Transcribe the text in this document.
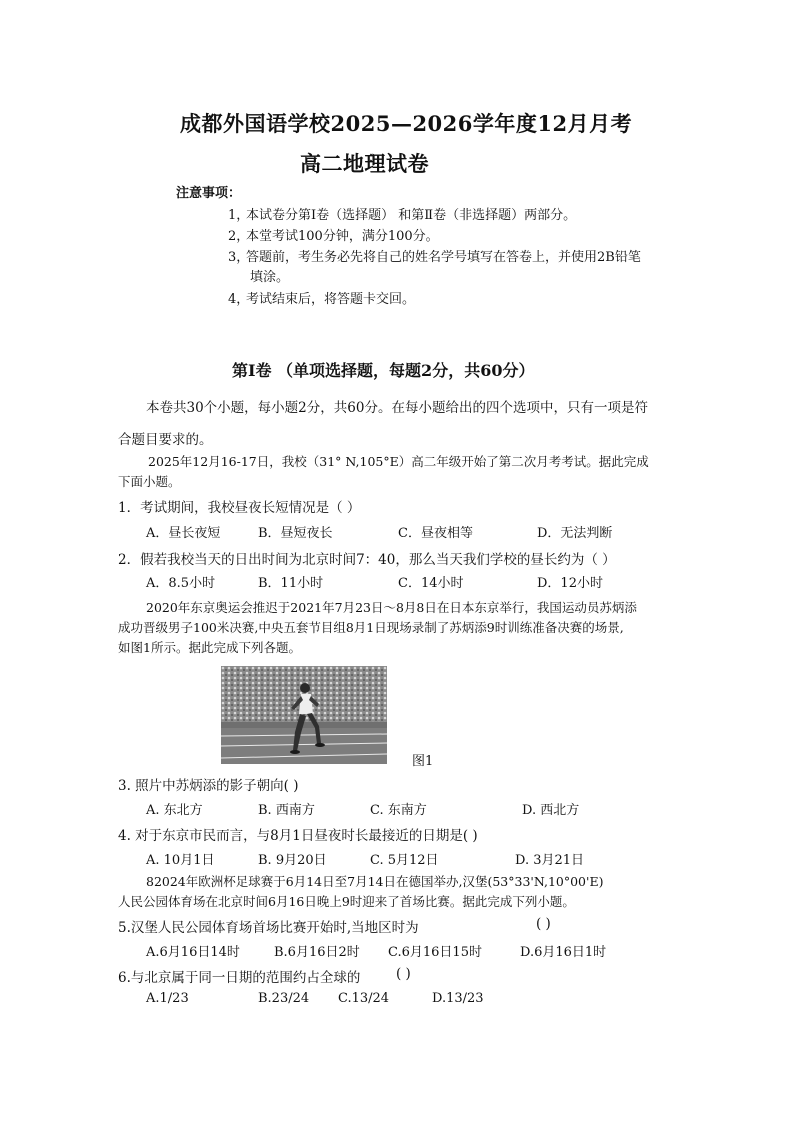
成都外国语学校2025—2026学年度12月月考
高二地理试卷
注意事项：
1，本试卷分第Ⅰ卷（选择题） 和第Ⅱ卷（非选择题）两部分。
2，本堂考试100分钟，满分100分。
3，答题前，考生务必先将自己的姓名学号填写在答卷上，并使用2B铅笔
填涂。
4，考试结束后，将答题卡交回。
第Ⅰ卷 （单项选择题，每题2分，共60分）
本卷共30个小题，每小题2分，共60分。在每小题给出的四个选项中，只有一项是符
合题目要求的。
2025年12月16-17日，我校（31° N,105°E）高二年级开始了第二次月考考试。据此完成
下面小题。
1．考试期间，我校昼夜长短情况是（ ）
A．昼长夜短	B．昼短夜长	C．昼夜相等	D．无法判断
2．假若我校当天的日出时间为北京时间7：40，那么当天我们学校的昼长约为（ ）
A．8.5小时	B．11小时	C．14小时	D．12小时
2020年东京奥运会推迟于2021年7月23日～8月8日在日本东京举行，我国运动员苏炳添
成功晋级男子100米决赛,中央五套节目组8月1日现场录制了苏炳添9时训练准备决赛的场景,
如图1所示。据此完成下列各题。
图1
3. 照片中苏炳添的影子朝向( )
A. 东北方	B. 西南方	C. 东南方	D. 西北方
4. 对于东京市民而言，与8月1日昼夜时长最接近的日期是( )
A. 10月1日	B. 9月20日	C. 5月12日	D. 3月21日
82024年欧洲杯足球赛于6月14日至7月14日在德国举办,汉堡(53°33'N,10°00'E)
人民公园体育场在北京时间6月16日晚上9时迎来了首场比赛。据此完成下列小题。
5.汉堡人民公园体育场首场比赛开始时,当地区时为	( )
A.6月16日14时	B.6月16日2时 C.6月16日15时	D.6月16日1时
6.与北京属于同一日期的范围约占全球的	( )
A.1/23	B.23/24 C.13/24	D.13/23
